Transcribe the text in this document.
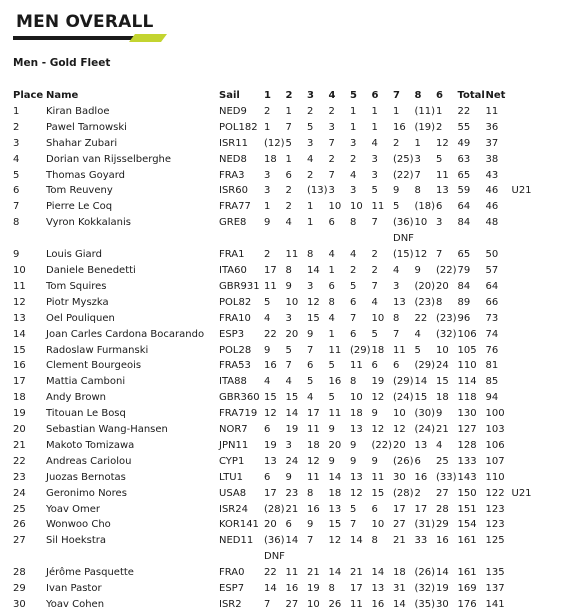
MEN OVERALL
Men - Gold Fleet
Place	Name	Sail	1	2	3	4	5	6	7	8	6	Total	Net	
1	Kiran Badloe	NED9	2	1	2	2	1	1	1	(11)	1	22	11	
2	Pawel Tarnowski	POL182	1	7	5	3	1	1	16	(19)	2	55	36	
3	Shahar Zubari	ISR11	(12)	5	3	7	3	4	2	1	12	49	37	
4	Dorian van Rijsselberghe	NED8	18	1	4	2	2	3	(25)	3	5	63	38	
5	Thomas Goyard	FRA3	3	6	2	7	4	3	(22)	7	11	65	43	
6	Tom Reuveny	ISR60	3	2	(13)	3	3	5	9	8	13	59	46	U21
7	Pierre Le Coq	FRA77	1	2	1	10	10	11	5	(18)	6	64	46	
8	Vyron Kokkalanis	GRE8	9	4	1	6	8	7	(36)	10	3	84	48	
									DNF					
9	Louis Giard	FRA1	2	11	8	4	4	2	(15)	12	7	65	50	
10	Daniele Benedetti	ITA60	17	8	14	1	2	2	4	9	(22)	79	57	
11	Tom Squires	GBR931	11	9	3	6	5	7	3	(20)	20	84	64	
12	Piotr Myszka	POL82	5	10	12	8	6	4	13	(23)	8	89	66	
13	Oel Pouliquen	FRA10	4	3	15	4	7	10	8	22	(23)	96	73	
14	Joan Carles Cardona Bocarando	ESP3	22	20	9	1	6	5	7	4	(32)	106	74	
15	Radoslaw Furmanski	POL28	9	5	7	11	(29)	18	11	5	10	105	76	
16	Clement Bourgeois	FRA53	16	7	6	5	11	6	6	(29)	24	110	81	
17	Mattia Camboni	ITA88	4	4	5	16	8	19	(29)	14	15	114	85	
18	Andy Brown	GBR360	15	15	4	5	10	12	(24)	15	18	118	94	
19	Titouan Le Bosq	FRA719	12	14	17	11	18	9	10	(30)	9	130	100	
20	Sebastian Wang-Hansen	NOR7	6	19	11	9	13	12	12	(24)	21	127	103	
21	Makoto Tomizawa	JPN11	19	3	18	20	9	(22)	20	13	4	128	106	
22	Andreas Cariolou	CYP1	13	24	12	9	9	9	(26)	6	25	133	107	
23	Juozas Bernotas	LTU1	6	9	11	14	13	11	30	16	(33)	143	110	
24	Geronimo Nores	USA8	17	23	8	18	12	15	(28)	2	27	150	122	U21
25	Yoav Omer	ISR24	(28)	21	16	13	5	6	17	17	28	151	123	
26	Wonwoo Cho	KOR141	20	6	9	15	7	10	27	(31)	29	154	123	
27	Sil Hoekstra	NED11	(36)	14	7	12	14	8	21	33	16	161	125	
			DNF											
28	Jérôme Pasquette	FRA0	22	11	21	14	21	14	18	(26)	14	161	135	
29	Ivan Pastor	ESP7	14	16	19	8	17	13	31	(32)	19	169	137	
30	Yoav Cohen	ISR2	7	27	10	26	11	16	14	(35)	30	176	141	
